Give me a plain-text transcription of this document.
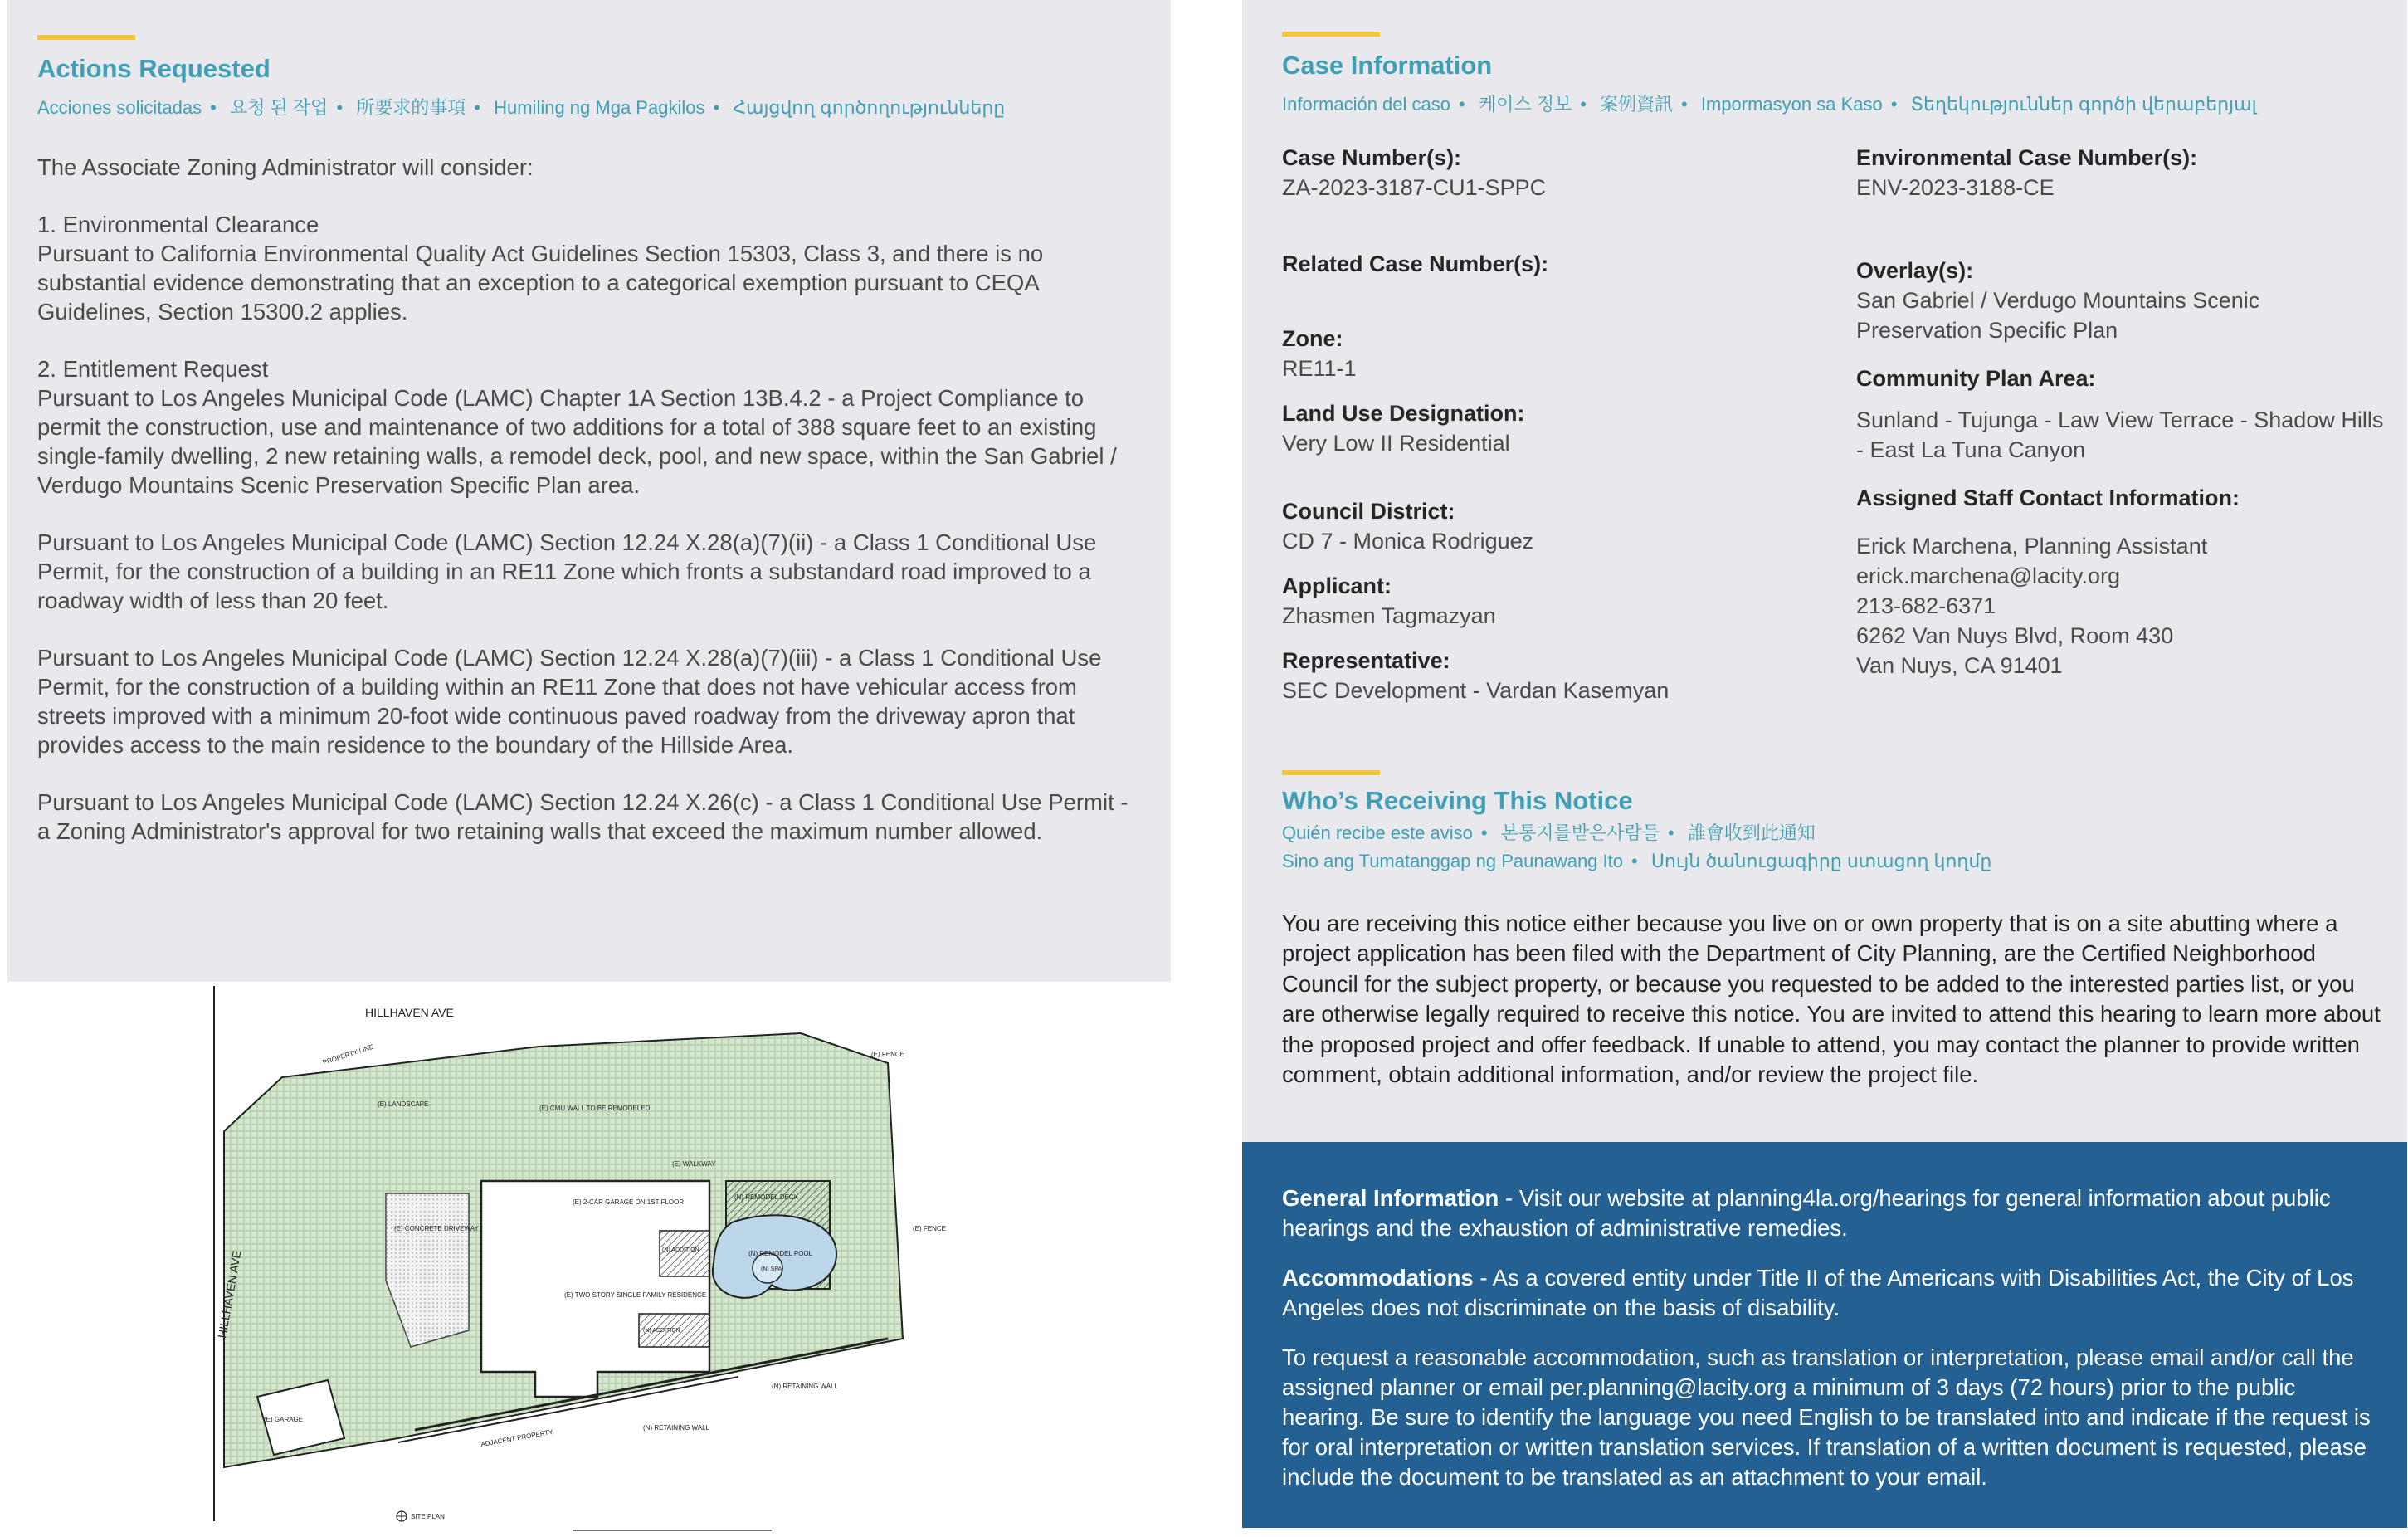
Actions Requested
Acciones solicitadas • 요청 된 작업 • 所要求的事項 • Humiling ng Mga Pagkilos • Հայցվող գործողությունները

The Associate Zoning Administrator will consider:

1. Environmental Clearance
Pursuant to California Environmental Quality Act Guidelines Section 15303, Class 3, and there is no substantial evidence demonstrating that an exception to a categorical exemption pursuant to CEQA Guidelines, Section 15300.2 applies.

2. Entitlement Request
Pursuant to Los Angeles Municipal Code (LAMC) Chapter 1A Section 13B.4.2 - a Project Compliance to permit the construction, use and maintenance of two additions for a total of 388 square feet to an existing single-family dwelling, 2 new retaining walls, a remodel deck, pool, and new space, within the San Gabriel / Verdugo Mountains Scenic Preservation Specific Plan area.

Pursuant to Los Angeles Municipal Code (LAMC) Section 12.24 X.28(a)(7)(ii) - a Class 1 Conditional Use Permit, for the construction of a building in an RE11 Zone which fronts a substandard road improved to a roadway width of less than 20 feet.

Pursuant to Los Angeles Municipal Code (LAMC) Section 12.24 X.28(a)(7)(iii) - a Class 1 Conditional Use Permit, for the construction of a building within an RE11 Zone that does not have vehicular access from streets improved with a minimum 20-foot wide continuous paved roadway from the driveway apron that provides access to the main residence to the boundary of the Hillside Area.

Pursuant to Los Angeles Municipal Code (LAMC) Section 12.24 X.26(c) - a Class 1 Conditional Use Permit - a Zoning Administrator's approval for two retaining walls that exceed the maximum number allowed.

Case Information
Información del caso • 케이스 정보 • 案例資訊 • Impormasyon sa Kaso • Տեղեկություններ գործի վերաբերյալ
Case Number(s):
ZA-2023-3187-CU1-SPPC
Related Case Number(s):
Zone:
RE11-1
Land Use Designation:
Very Low II Residential
Council District:
CD 7 - Monica Rodriguez
Applicant:
Zhasmen Tagmazyan
Representative:
SEC Development - Vardan Kasemyan
Environmental Case Number(s):
ENV-2023-3188-CE
Overlay(s):
San Gabriel / Verdugo Mountains Scenic Preservation Specific Plan
Community Plan Area:
Sunland - Tujunga - Law View Terrace - Shadow Hills - East La Tuna Canyon
Assigned Staff Contact Information:
Erick Marchena, Planning Assistant
erick.marchena@lacity.org
213-682-6371
6262 Van Nuys Blvd, Room 430
Van Nuys, CA 91401
Who’s Receiving This Notice
Quién recibe este aviso • 본통지를받은사람들 • 誰會收到此通知
Sino ang Tumatanggap ng Paunawang Ito • Սույն ծանուցագիրը ստացող կողմը
You are receiving this notice either because you live on or own property that is on a site abutting where a project application has been filed with the Department of City Planning, are the Certified Neighborhood Council for the subject property, or because you requested to be added to the interested parties list, or you are otherwise legally required to receive this notice. You are invited to attend this hearing to learn more about the proposed project and offer feedback. If unable to attend, you may contact the planner to provide written comment, obtain additional information, and/or review the project file.

General Information - Visit our website at planning4la.org/hearings for general information about public hearings and the exhaustion of administrative remedies.

Accommodations - As a covered entity under Title II of the Americans with Disabilities Act, the City of Los Angeles does not discriminate on the basis of disability.

To request a reasonable accommodation, such as translation or interpretation, please email and/or call the assigned planner or email per.planning@lacity.org a minimum of 3 days (72 hours) prior to the public hearing. Be sure to identify the language you need English to be translated into and indicate if the request is for oral interpretation or written translation services. If translation of a written document is requested, please include the document to be translated as an attachment to your email.

HILLHAVEN AVE
HILLHAVEN AVE
(E) CMU WALL TO BE REMODELED
(E) LANDSCAPE
(E) WALKWAY
(E) CONCRETE DRIVEWAY
(E) TWO STORY SINGLE FAMILY RESIDENCE
(E) 2-CAR GARAGE ON 1ST FLOOR
(N) REMODEL POOL
(N) SPA
(N) REMODEL DECK
(N) ADDITION
(N) ADDITION
(E) GARAGE
(N) RETAINING WALL
(N) RETAINING WALL
(E) FENCE
(E) FENCE
PROPERTY LINE
ADJACENT PROPERTY
SITE PLAN
